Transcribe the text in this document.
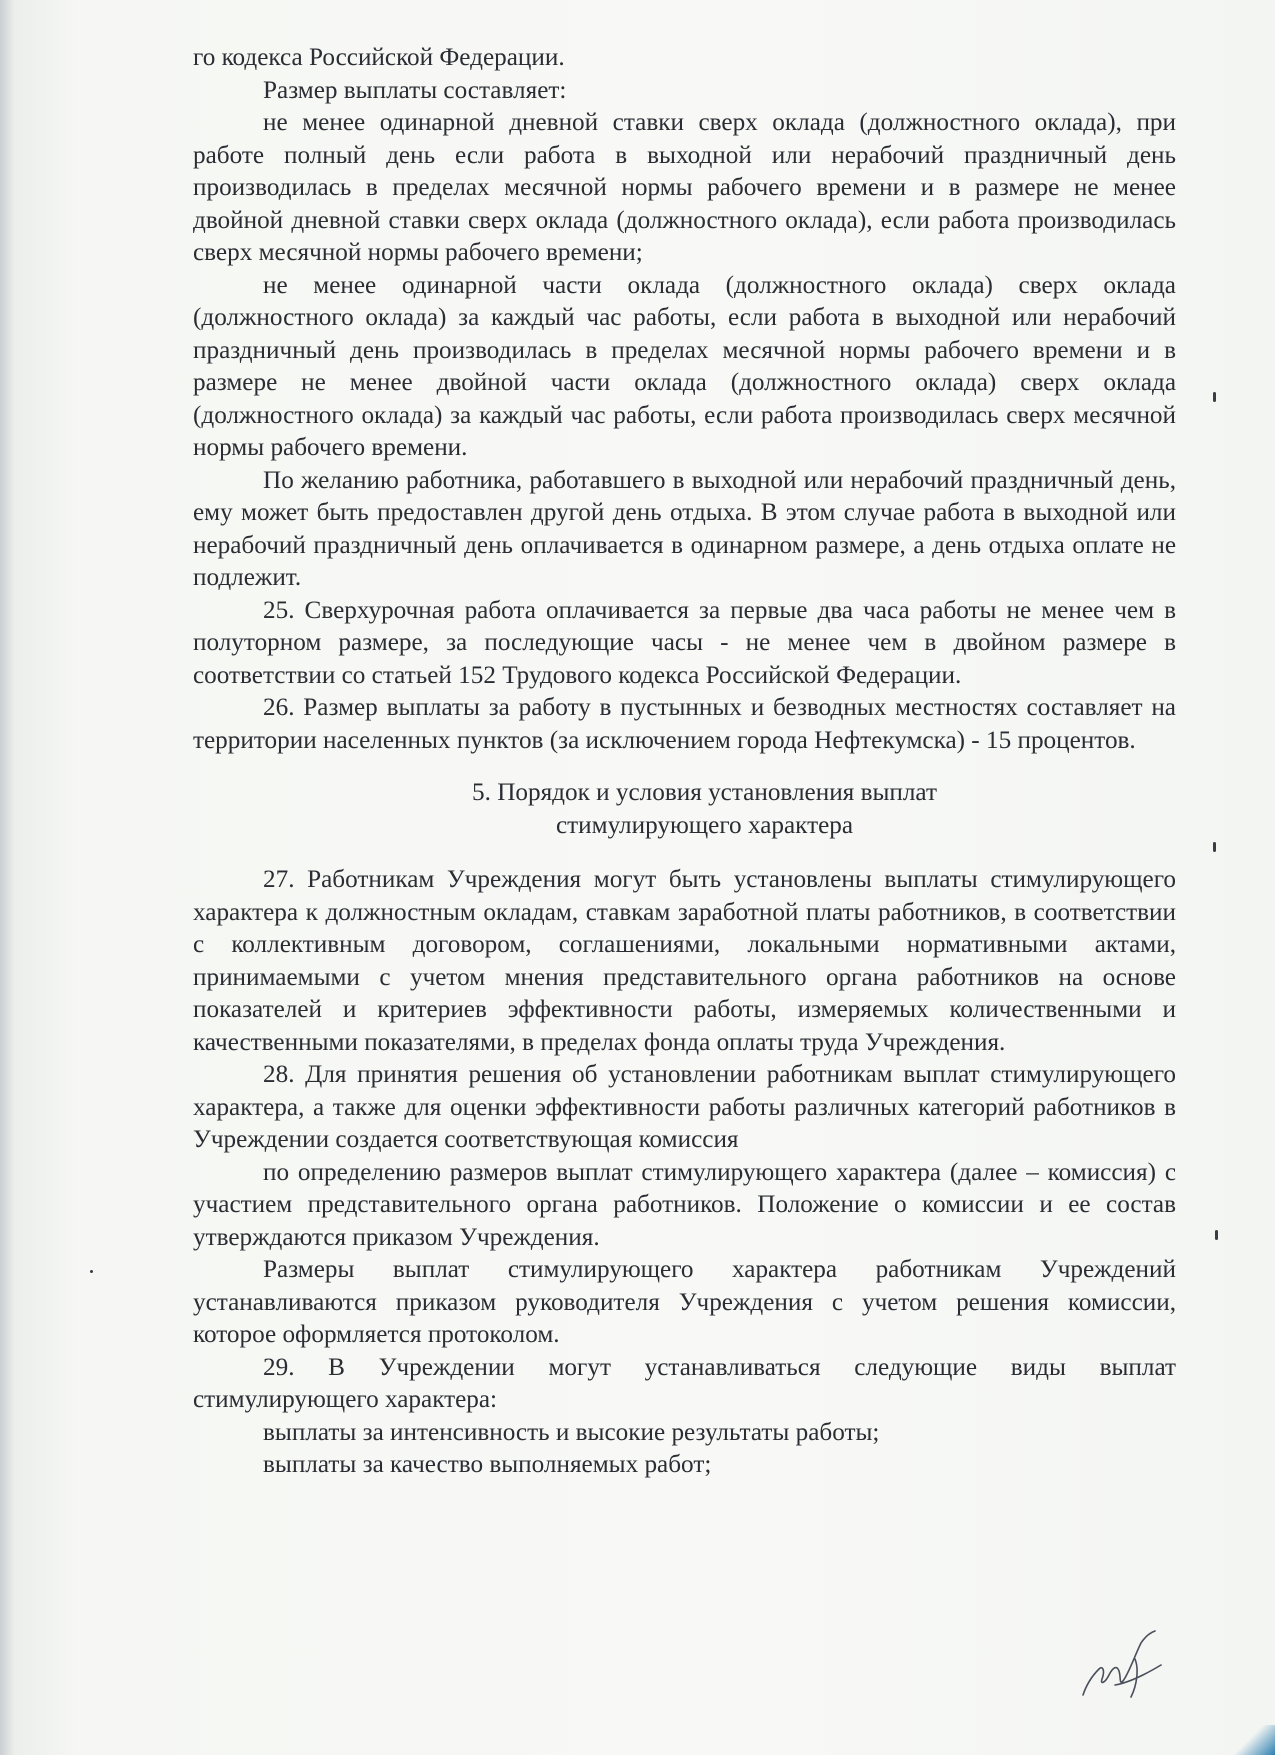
го кодекса Российской Федерации.

Размер выплаты составляет:

не менее одинарной дневной ставки сверх оклада (должностного оклада), при работе полный день если работа в выходной или нерабочий праздничный день производилась в пределах месячной нормы рабочего времени и в размере не менее двойной дневной ставки сверх оклада (должностного оклада), если работа производилась сверх месячной нормы рабочего времени;

не менее одинарной части оклада (должностного оклада) сверх оклада (должностного оклада) за каждый час работы, если работа в выходной или нерабочий праздничный день производилась в пределах месячной нормы рабочего времени и в размере не менее двойной части оклада (должностного оклада) сверх оклада (должностного оклада) за каждый час работы, если работа производилась сверх месячной нормы рабочего времени.

По желанию работника, работавшего в выходной или нерабочий праздничный день, ему может быть предоставлен другой день отдыха. В этом случае работа в выходной или нерабочий праздничный день оплачивается в одинарном размере, а день отдыха оплате не подлежит.

25. Сверхурочная работа оплачивается за первые два часа работы не менее чем в полуторном размере, за последующие часы - не менее чем в двойном размере в соответствии со статьей 152 Трудового кодекса Российской Федерации.

26. Размер выплаты за работу в пустынных и безводных местностях составляет на территории населенных пунктов (за исключением города Нефтекумска) - 15 процентов.

5. Порядок и условия установления выплат
стимулирующего характера

27. Работникам Учреждения могут быть установлены выплаты стимулирующего характера к должностным окладам, ставкам заработной платы работников, в соответствии с коллективным договором, соглашениями, локальными нормативными актами, принимаемыми с учетом мнения представительного органа работников на основе показателей и критериев эффективности работы, измеряемых количественными и качественными показателями, в пределах фонда оплаты труда Учреждения.

28. Для принятия решения об установлении работникам выплат стимулирующего характера, а также для оценки эффективности работы различных категорий работников в Учреждении создается соответствующая комиссия

по определению размеров выплат стимулирующего характера (далее – комиссия) с участием представительного органа работников. Положение о комиссии и ее состав утверждаются приказом Учреждения.

Размеры выплат стимулирующего характера работникам Учреждений устанавливаются приказом руководителя Учреждения с учетом решения комиссии, которое оформляется протоколом.

29. В Учреждении могут устанавливаться следующие виды выплат стимулирующего характера:

выплаты за интенсивность и высокие результаты работы;

выплаты за качество выполняемых работ;
